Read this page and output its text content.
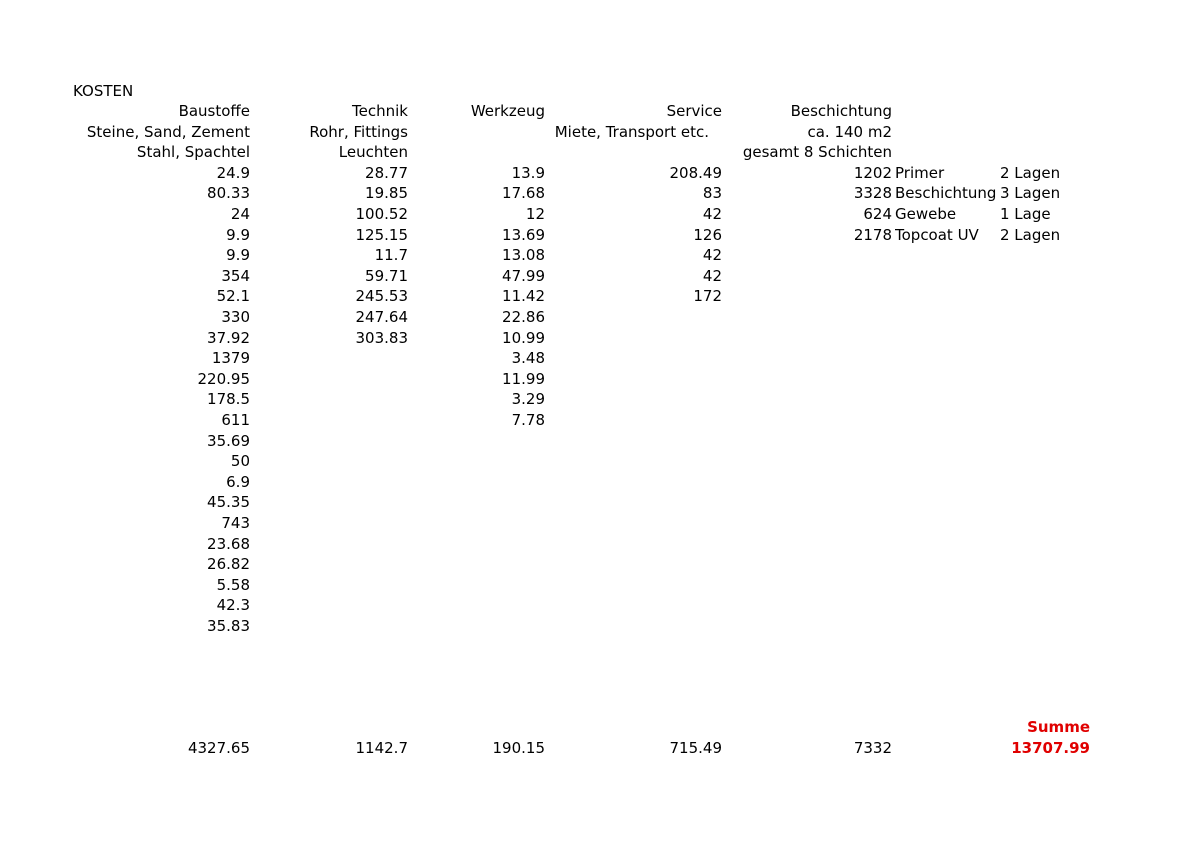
KOSTEN
Baustoffe
Steine, Sand, Zement
Stahl, Spachtel
24.9
80.33
24
9.9
9.9
354
52.1
330
37.92
1379
220.95
178.5
611
35.69
50
6.9
45.35
743
23.68
26.82
5.58
42.3
35.83
4327.65
Technik
Rohr, Fittings
Leuchten
28.77
19.85
100.52
125.15
11.7
59.71
245.53
247.64
303.83
1142.7
Werkzeug
13.9
17.68
12
13.69
13.08
47.99
11.42
22.86
10.99
3.48
11.99
3.29
7.78
190.15
Service
Miete, Transport etc.
208.49
83
42
126
42
42
172
715.49
Beschichtung
ca. 140 m2
gesamt 8 Schichten
1202
3328
624
2178
7332
Primer
Beschichtung
Gewebe
Topcoat UV
2 Lagen
3 Lagen
1 Lage
2 Lagen
Summe
13707.99
